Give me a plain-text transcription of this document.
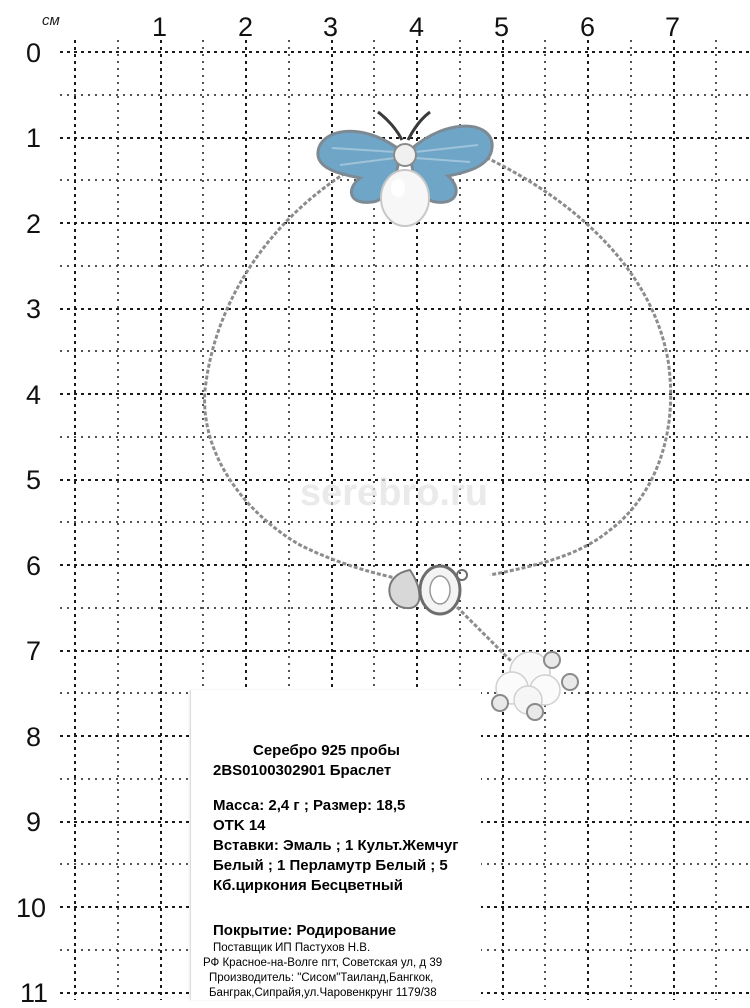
см	1	2	3	4	5	6	7
0
1
2
3
4
5
6
7
8
9
10
11
serebro.ru
Серебро 925 пробы
2BS0100302901 Браслет
Масса: 2,4 г ; Размер: 18,5
OTK 14
Вставки: Эмаль ; 1 Культ.Жемчуг
Белый ; 1 Перламутр Белый ; 5
Кб.циркония Бесцветный
Покрытие: Родирование
Поставщик ИП Пастухов Н.В.
РФ Красное-на-Волге пгт, Советская ул, д 39
Производитель: "Сисом"Таиланд,Бангкок,
Банграк,Сипрайя,ул.Чаровенкрунг 1179/38
